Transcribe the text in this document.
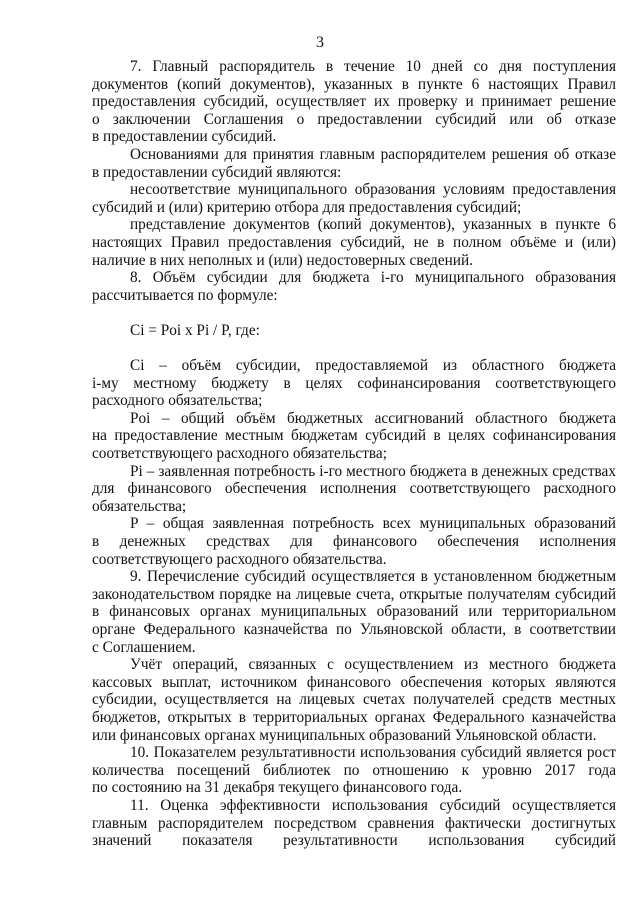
3
7. Главный распорядитель в течение 10 дней со дня поступления
документов (копий документов), указанных в пункте 6 настоящих Правил
предоставления субсидий, осуществляет их проверку и принимает решение
о заключении Соглашения о предоставлении субсидий или об отказе
в предоставлении субсидий.
Основаниями для принятия главным распорядителем решения об отказе
в предоставлении субсидий являются:
несоответствие муниципального образования условиям предоставления
субсидий и (или) критерию отбора для предоставления субсидий;
представление документов (копий документов), указанных в пункте 6
настоящих Правил предоставления субсидий, не в полном объёме и (или)
наличие в них неполных и (или) недостоверных сведений.
8. Объём субсидии для бюджета i-го муниципального образования
рассчитывается по формуле:
Ci = Poi x Pi / P, где:
Ci – объём субсидии, предоставляемой из областного бюджета
i-му местному бюджету в целях софинансирования соответствующего
расходного обязательства;
Poi – общий объём бюджетных ассигнований областного бюджета
на предоставление местным бюджетам субсидий в целях софинансирования
соответствующего расходного обязательства;
Pi – заявленная потребность i-го местного бюджета в денежных средствах
для финансового обеспечения исполнения соответствующего расходного
обязательства;
P – общая заявленная потребность всех муниципальных образований
в денежных средствах для финансового обеспечения исполнения
соответствующего расходного обязательства.
9. Перечисление субсидий осуществляется в установленном бюджетным
законодательством порядке на лицевые счета, открытые получателям субсидий
в финансовых органах муниципальных образований или территориальном
органе Федерального казначейства по Ульяновской области, в соответствии
с Соглашением.
Учёт операций, связанных с осуществлением из местного бюджета
кассовых выплат, источником финансового обеспечения которых являются
субсидии, осуществляется на лицевых счетах получателей средств местных
бюджетов, открытых в территориальных органах Федерального казначейства
или финансовых органах муниципальных образований Ульяновской области.
10. Показателем результативности использования субсидий является рост
количества посещений библиотек по отношению к уровню 2017 года
по состоянию на 31 декабря текущего финансового года.
11. Оценка эффективности использования субсидий осуществляется
главным распорядителем посредством сравнения фактически достигнутых
значений показателя результативности использования субсидий
